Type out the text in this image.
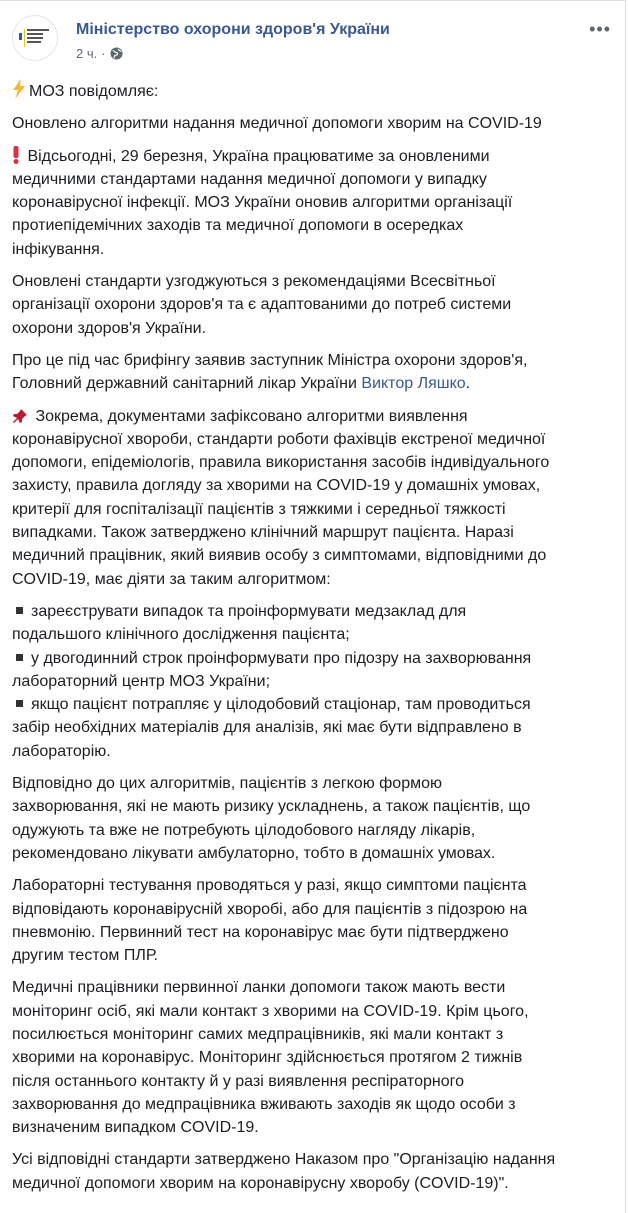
Міністерство охорони здоров'я України
2 ч. ·
•••
МОЗ повідомляє:
Оновлено алгоритми надання медичної допомоги хворим на COVID-19
Відсьогодні, 29 березня, Україна працюватиме за оновленими
медичними стандартами надання медичної допомоги у випадку
коронавірусної інфекції. МОЗ України оновив алгоритми організації
протиепідемічних заходів та медичної допомоги в осередках
інфікування.
Оновлені стандарти узгоджуються з рекомендаціями Всесвітньої
організації охорони здоров'я та є адаптованими до потреб системи
охорони здоров'я України.
Про це під час брифінгу заявив заступник Міністра охорони здоров'я,
Головний державний санітарний лікар України Виктор Ляшко.
Зокрема, документами зафіксовано алгоритми виявлення
коронавірусної хвороби, стандарти роботи фахівців екстреної медичної
допомоги, епідеміологів, правила використання засобів індивідуального
захисту, правила догляду за хворими на COVID-19 у домашніх умовах,
критерії для госпіталізації пацієнтів з тяжкими і середньої тяжкості
випадками. Також затверджено клінічний маршрут пацієнта. Наразі
медичний працівник, який виявив особу з симптомами, відповідними до
COVID-19, має діяти за таким алгоритмом:
зареєструвати випадок та проінформувати медзаклад для
подальшого клінічного дослідження пацієнта;
у двогодинний строк проінформувати про підозру на захворювання
лабораторний центр МОЗ України;
якщо пацієнт потрапляє у цілодобовий стаціонар, там проводиться
забір необхідних матеріалів для аналізів, які має бути відправлено в
лабораторію.
Відповідно до цих алгоритмів, пацієнтів з легкою формою
захворювання, які не мають ризику ускладнень, а також пацієнтів, що
одужують та вже не потребують цілодобового нагляду лікарів,
рекомендовано лікувати амбулаторно, тобто в домашніх умовах.
Лабораторні тестування проводяться у разі, якщо симптоми пацієнта
відповідають коронавірусній хворобі, або для пацієнтів з підозрою на
пневмонію. Первинний тест на коронавірус має бути підтверджено
другим тестом ПЛР.
Медичні працівники первинної ланки допомоги також мають вести
моніторинг осіб, які мали контакт з хворими на COVID-19. Крім цього,
посилюється моніторинг самих медпрацівників, які мали контакт з
хворими на коронавірус. Моніторинг здійснюється протягом 2 тижнів
після останнього контакту й у разі виявлення респіраторного
захворювання до медпрацівника вживають заходів як щодо особи з
визначеним випадком COVID-19.
Усі відповідні стандарти затверджено Наказом про "Організацію надання
медичної допомоги хворим на коронавірусну хворобу (COVID-19)".
